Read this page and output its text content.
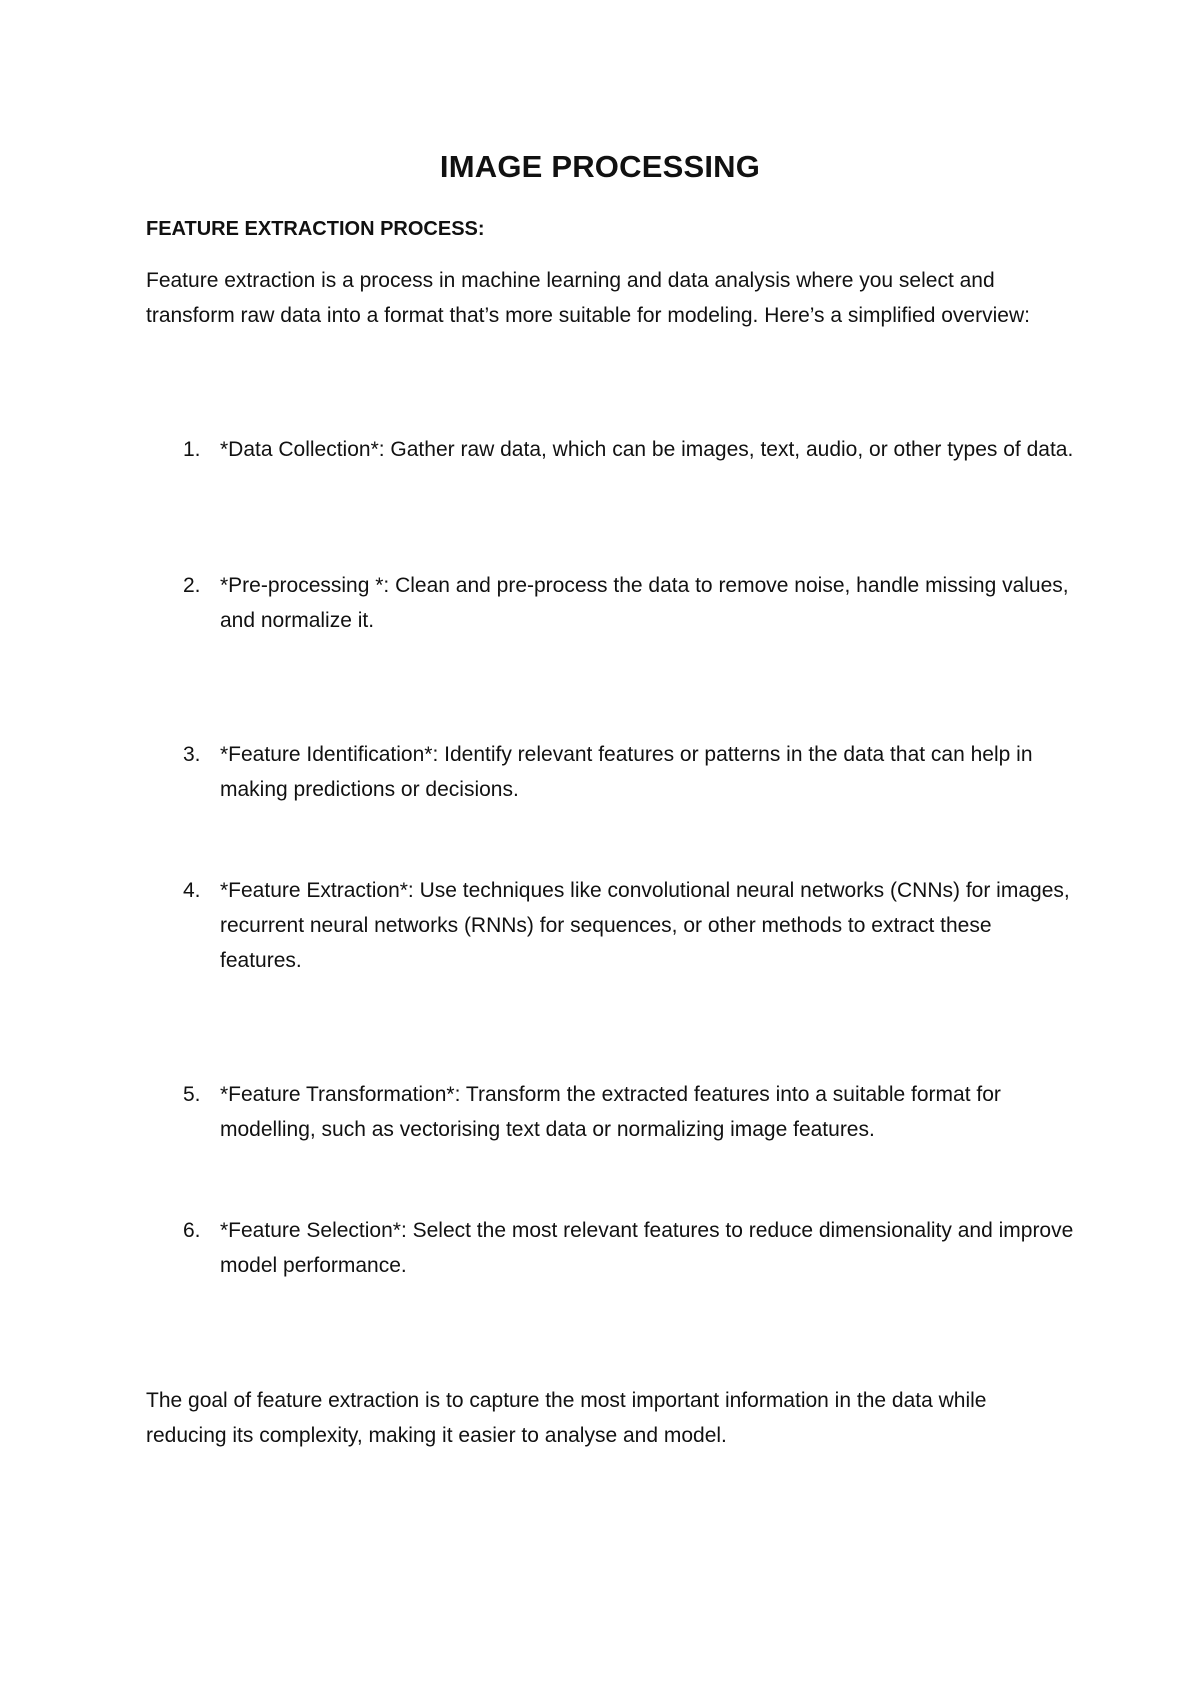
IMAGE PROCESSING
FEATURE EXTRACTION PROCESS:

Feature extraction is a process in machine learning and data analysis where you select and transform raw data into a format that’s more suitable for modeling. Here’s a simplified overview:

1. *Data Collection*: Gather raw data, which can be images, text, audio, or other types of data.
2. *Pre-processing *: Clean and pre-process the data to remove noise, handle missing values, and normalize it.
3. *Feature Identification*: Identify relevant features or patterns in the data that can help in making predictions or decisions.
4. *Feature Extraction*: Use techniques like convolutional neural networks (CNNs) for images, recurrent neural networks (RNNs) for sequences, or other methods to extract these features.
5. *Feature Transformation*: Transform the extracted features into a suitable format for modelling, such as vectorising text data or normalizing image features.
6. *Feature Selection*: Select the most relevant features to reduce dimensionality and improve model performance.

The goal of feature extraction is to capture the most important information in the data while reducing its complexity, making it easier to analyse and model.
